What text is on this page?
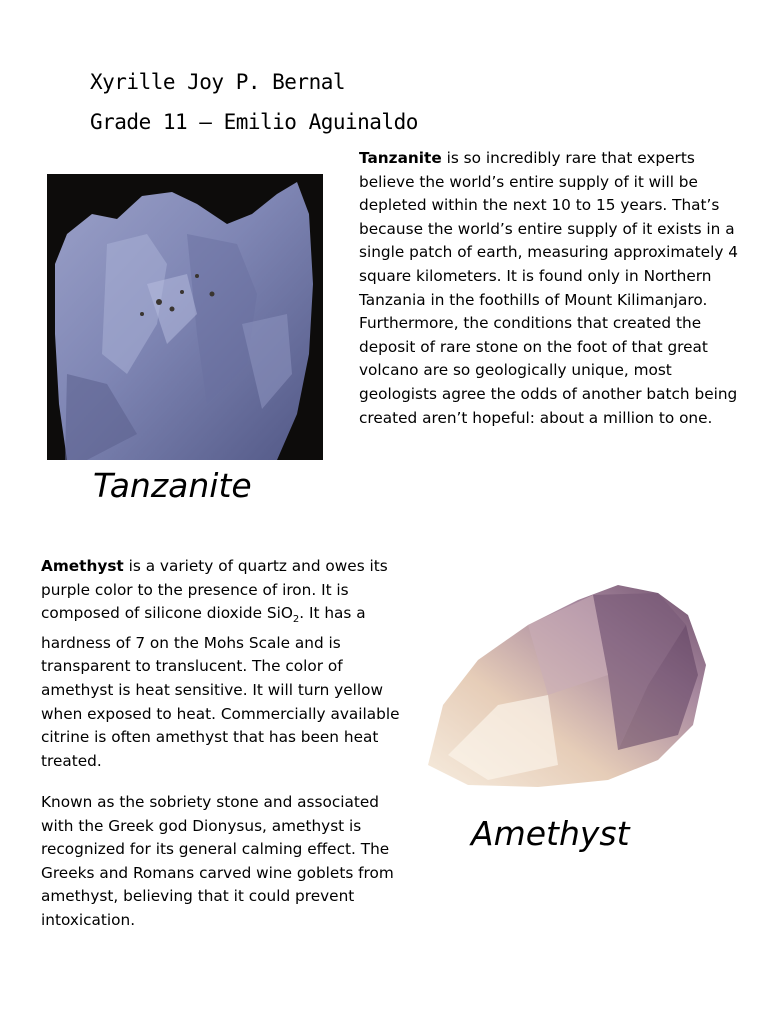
Xyrille Joy P. Bernal
Grade 11 – Emilio Aguinaldo

Tanzanite is so incredibly rare that experts believe the world’s entire supply of it will be depleted within the next 10 to 15 years. That’s because the world’s entire supply of it exists in a single patch of earth, measuring approximately 4 square kilometers. It is found only in Northern Tanzania in the foothills of Mount Kilimanjaro. Furthermore, the conditions that created the deposit of rare stone on the foot of that great volcano are so geologically unique, most geologists agree the odds of another batch being created aren’t hopeful: about a million to one.

Tanzanite

Amethyst is a variety of quartz and owes its purple color to the presence of iron. It is composed of silicone dioxide SiO$_2$. It has a hardness of 7 on the Mohs Scale and is transparent to translucent. The color of amethyst is heat sensitive. It will turn yellow when exposed to heat. Commercially available citrine is often amethyst that has been heat treated.

Known as the sobriety stone and associated with the Greek god Dionysus, amethyst is recognized for its general calming effect. The Greeks and Romans carved wine goblets from amethyst, believing that it could prevent intoxication.

Amethyst
